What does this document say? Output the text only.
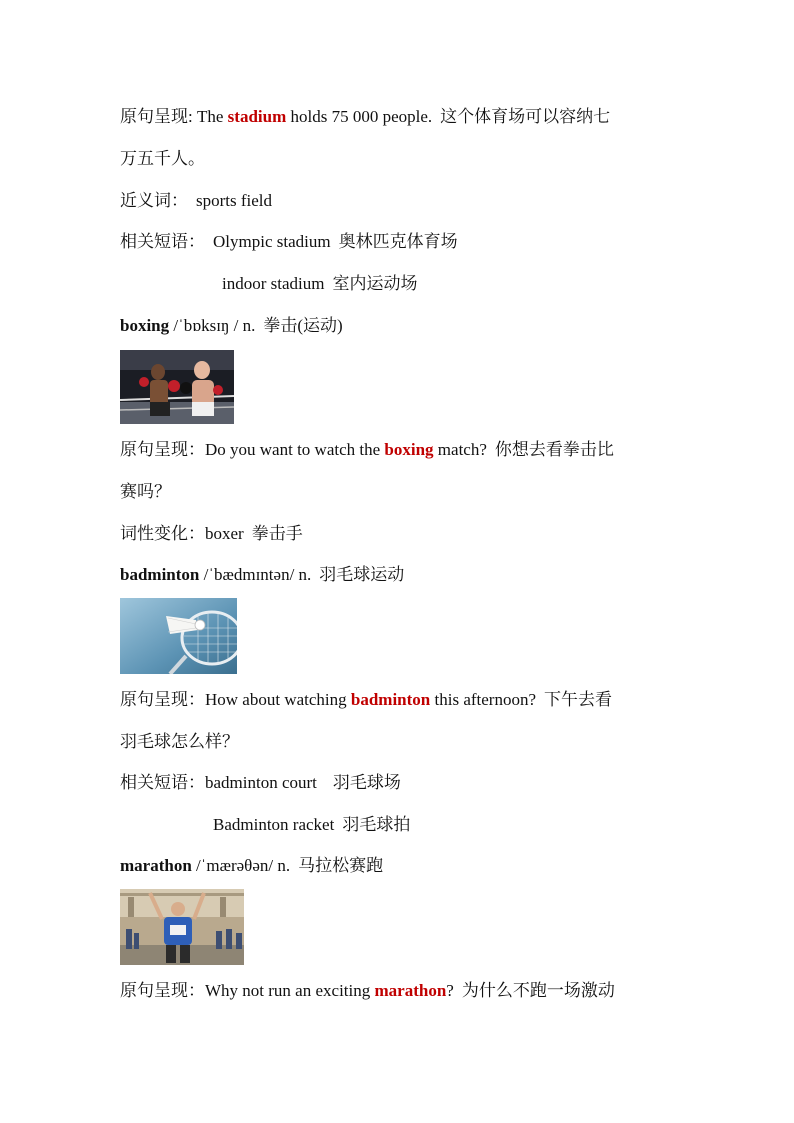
原句呈现: The stadium holds 75 000 people. 这个体育场可以容纳七
万五千人。
近义词： sports field
相关短语： Olympic stadium 奥林匹克体育场
indoor stadium 室内运动场
boxing /ˈbɒksɪŋ / n. 拳击(运动)
原句呈现：Do you want to watch the boxing match? 你想去看拳击比
赛吗？
词性变化：boxer 拳击手
badminton /ˈbædmɪntən/ n. 羽毛球运动
原句呈现：How about watching badminton this afternoon? 下午去看
羽毛球怎么样？
相关短语：badminton court 羽毛球场
Badminton racket 羽毛球拍
marathon /ˈmærəθən/ n. 马拉松赛跑
原句呈现：Why not run an exciting marathon? 为什么不跑一场激动
